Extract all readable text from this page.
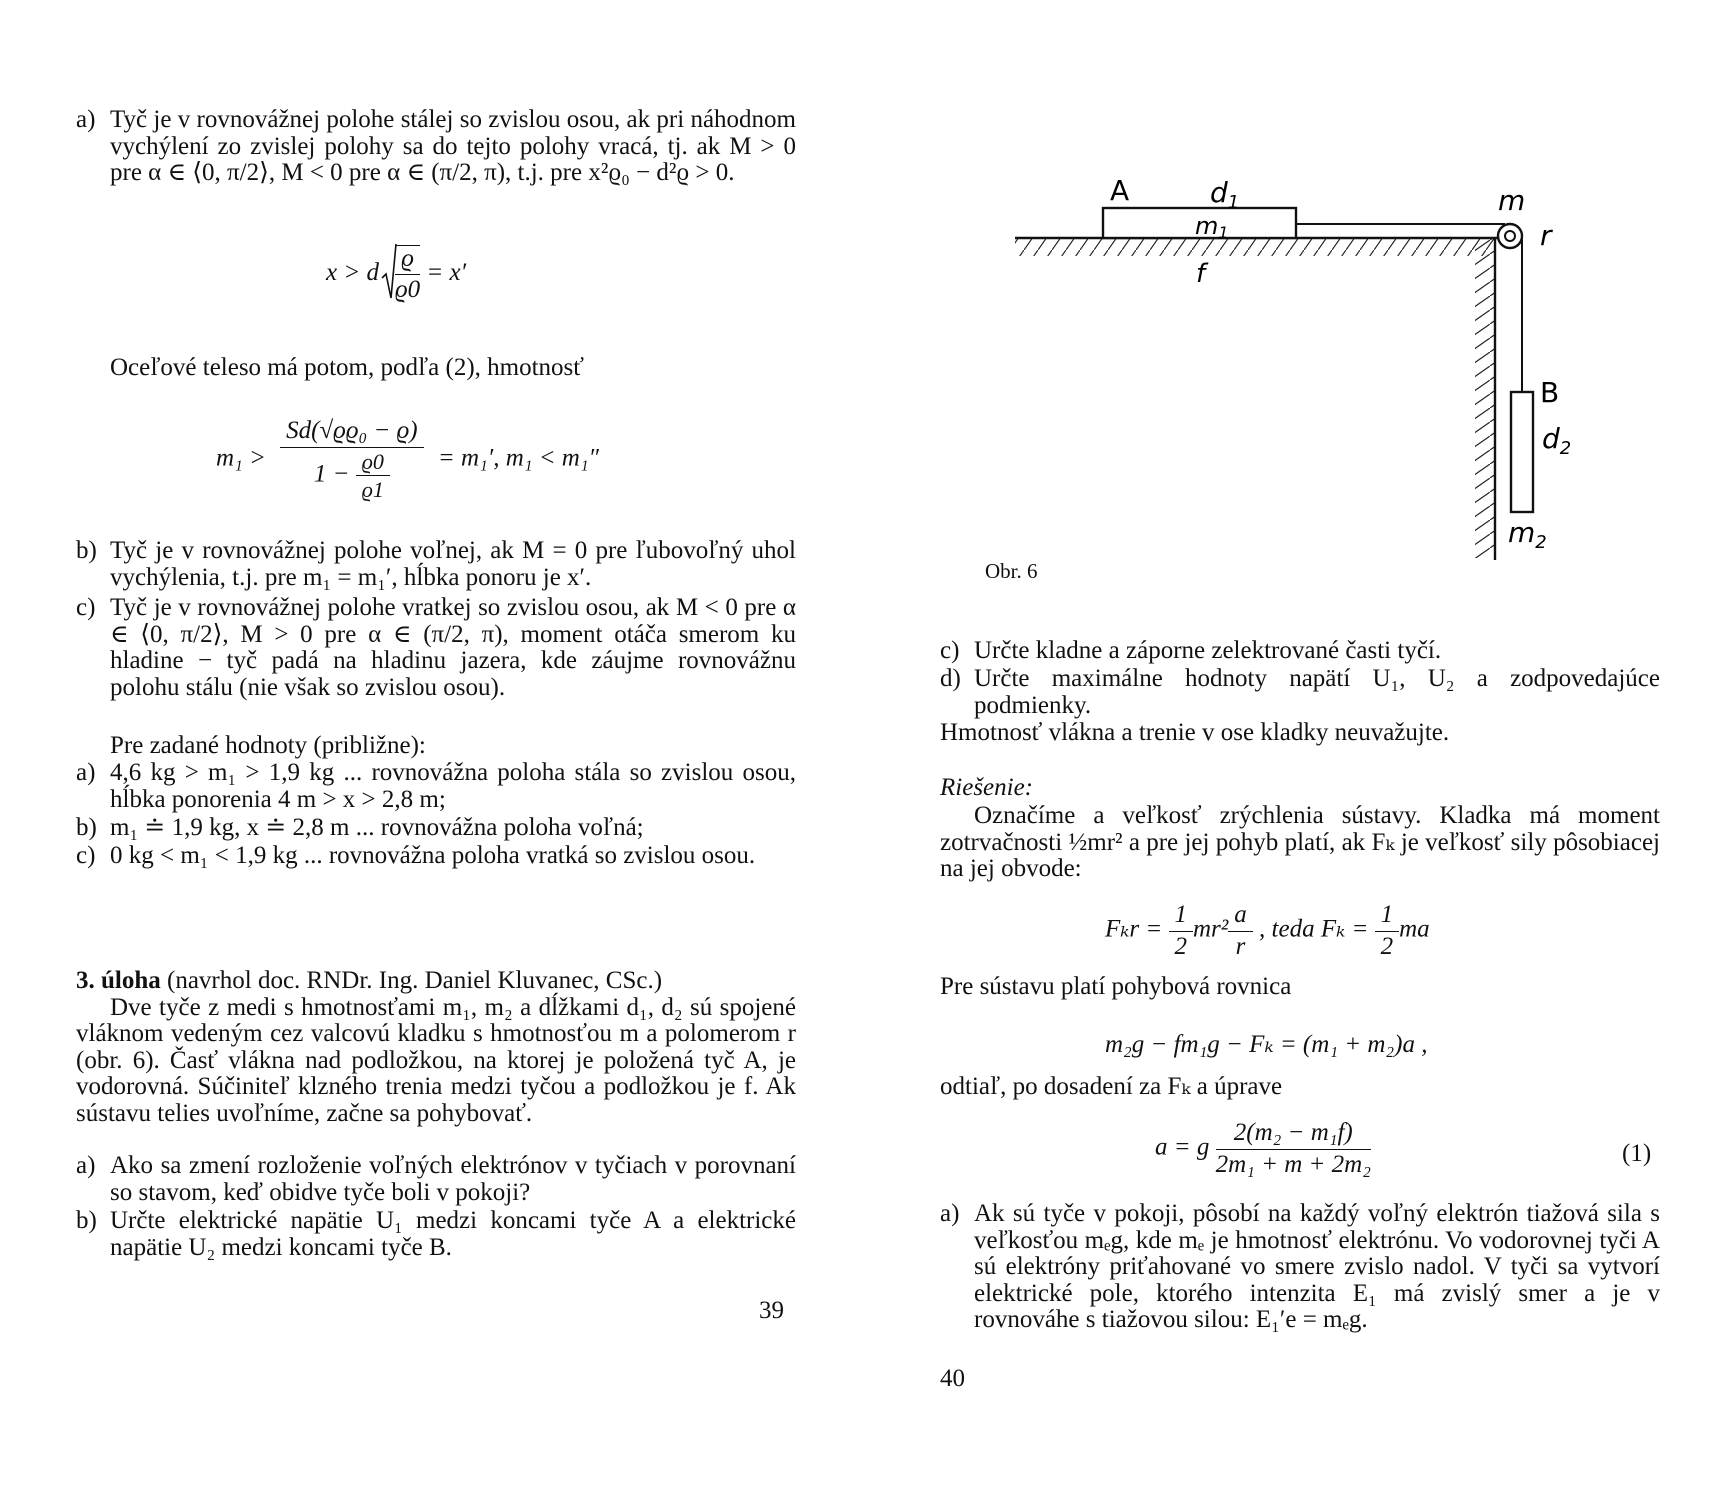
a) Tyč je v rovnovážnej polohe stálej so zvislou osou, ak pri náhodnom vychýlení zo zvislej polohy sa do tejto polohy vracá, tj. ak M > 0 pre α ∈ ⟨0, π/2⟩, M < 0 pre α ∈ (π/2, π), t.j. pre x²ϱ₀ − d²ϱ > 0.
x > d $\frac{ϱ}{ϱ0} = x'$
Oceľové teleso má potom, podľa (2), hmotnosť
$m_1 > \frac{\text{Sd(√ϱϱ₀ − ϱ)}}{1 - \frac{ϱ0}{ϱ1}} = m_1'$, m₁ < m₁″
b) Tyč je v rovnovážnej polohe voľnej, ak M = 0 pre ľubovoľný uhol vychýlenia, t.j. pre m₁ = m₁′, hĺbka ponoru je x′.
c) Tyč je v rovnovážnej polohe vratkej so zvislou osou, ak M < 0 pre α ∈ ⟨0, π/2⟩, M > 0 pre α ∈ (π/2, π), moment otáča smerom ku hladine − tyč padá na hladinu jazera, kde záujme rovnovážnu polohu stálu (nie však so zvislou osou).
Pre zadané hodnoty (približne):
a) 4,6 kg > m₁ > 1,9 kg ... rovnovážna poloha stála so zvislou osou, hĺbka ponorenia 4 m > x > 2,8 m;
b) m₁ ≐ 1,9 kg, x ≐ 2,8 m ... rovnovážna poloha voľná;
c) 0 kg < m₁ < 1,9 kg ... rovnovážna poloha vratká so zvislou osou.
3. úloha (navrhol doc. RNDr. Ing. Daniel Kluvanec, CSc.)
Dve tyče z medi s hmotnosťami m₁, m₂ a dĺžkami d₁, d₂ sú spojené vláknom vedeným cez valcovú kladku s hmotnosťou m a polomerom r (obr. 6). Časť vlákna nad podložkou, na ktorej je položená tyč A, je vodorovná. Súčiniteľ klzného trenia medzi tyčou a podložkou je f. Ak sústavu telies uvoľníme, začne sa pohybovať.
a) Ako sa zmení rozloženie voľných elektrónov v tyčiach v porovnaní so stavom, keď obidve tyče boli v pokoji?
b) Určte elektrické napätie U₁ medzi koncami tyče A a elektrické napätie U₂ medzi koncami tyče B.
39
A	$d_1$
m1
f
m
r
B
$d_2$
$m_2$
Obr. 6
c) Určte kladne a záporne zelektrované časti tyčí.
d) Určte maximálne hodnoty napätí U₁, U₂ a zodpovedajúce podmienky.
Hmotnosť vlákna a trenie v ose kladky neuvažujte.
Riešenie:
Označíme a veľkosť zrýchlenia sústavy. Kladka má moment zotrvačnosti ½mr² a pre jej pohyb platí, ak Fₖ je veľkosť sily pôsobiacej na jej obvode:
$F_kr = \frac{1}{2} mr^2 \frac{a}{r}$ , teda $F_k = \frac{1}{2}$ ma
Pre sústavu platí pohybová rovnica
m₂g − fm₁g − Fₖ = (m₁ + m₂)a ,
odtiaľ, po dosadení za Fₖ a úprave
a = g $\frac{\text{2(m₂ − m₁f)}}{\text{2m₁ + m + 2m₂}}$	(1)
a) Ak sú tyče v pokoji, pôsobí na každý voľný elektrón tiažová sila s veľkosťou mₑg, kde mₑ je hmotnosť elektrónu. Vo vodorovnej tyči A sú elektróny priťahované vo smere zvislo nadol. V tyči sa vytvorí elektrické pole, ktorého intenzita E₁ má zvislý smer a je v rovnováhe s tiažovou silou: E₁′e = mₑg.
40
